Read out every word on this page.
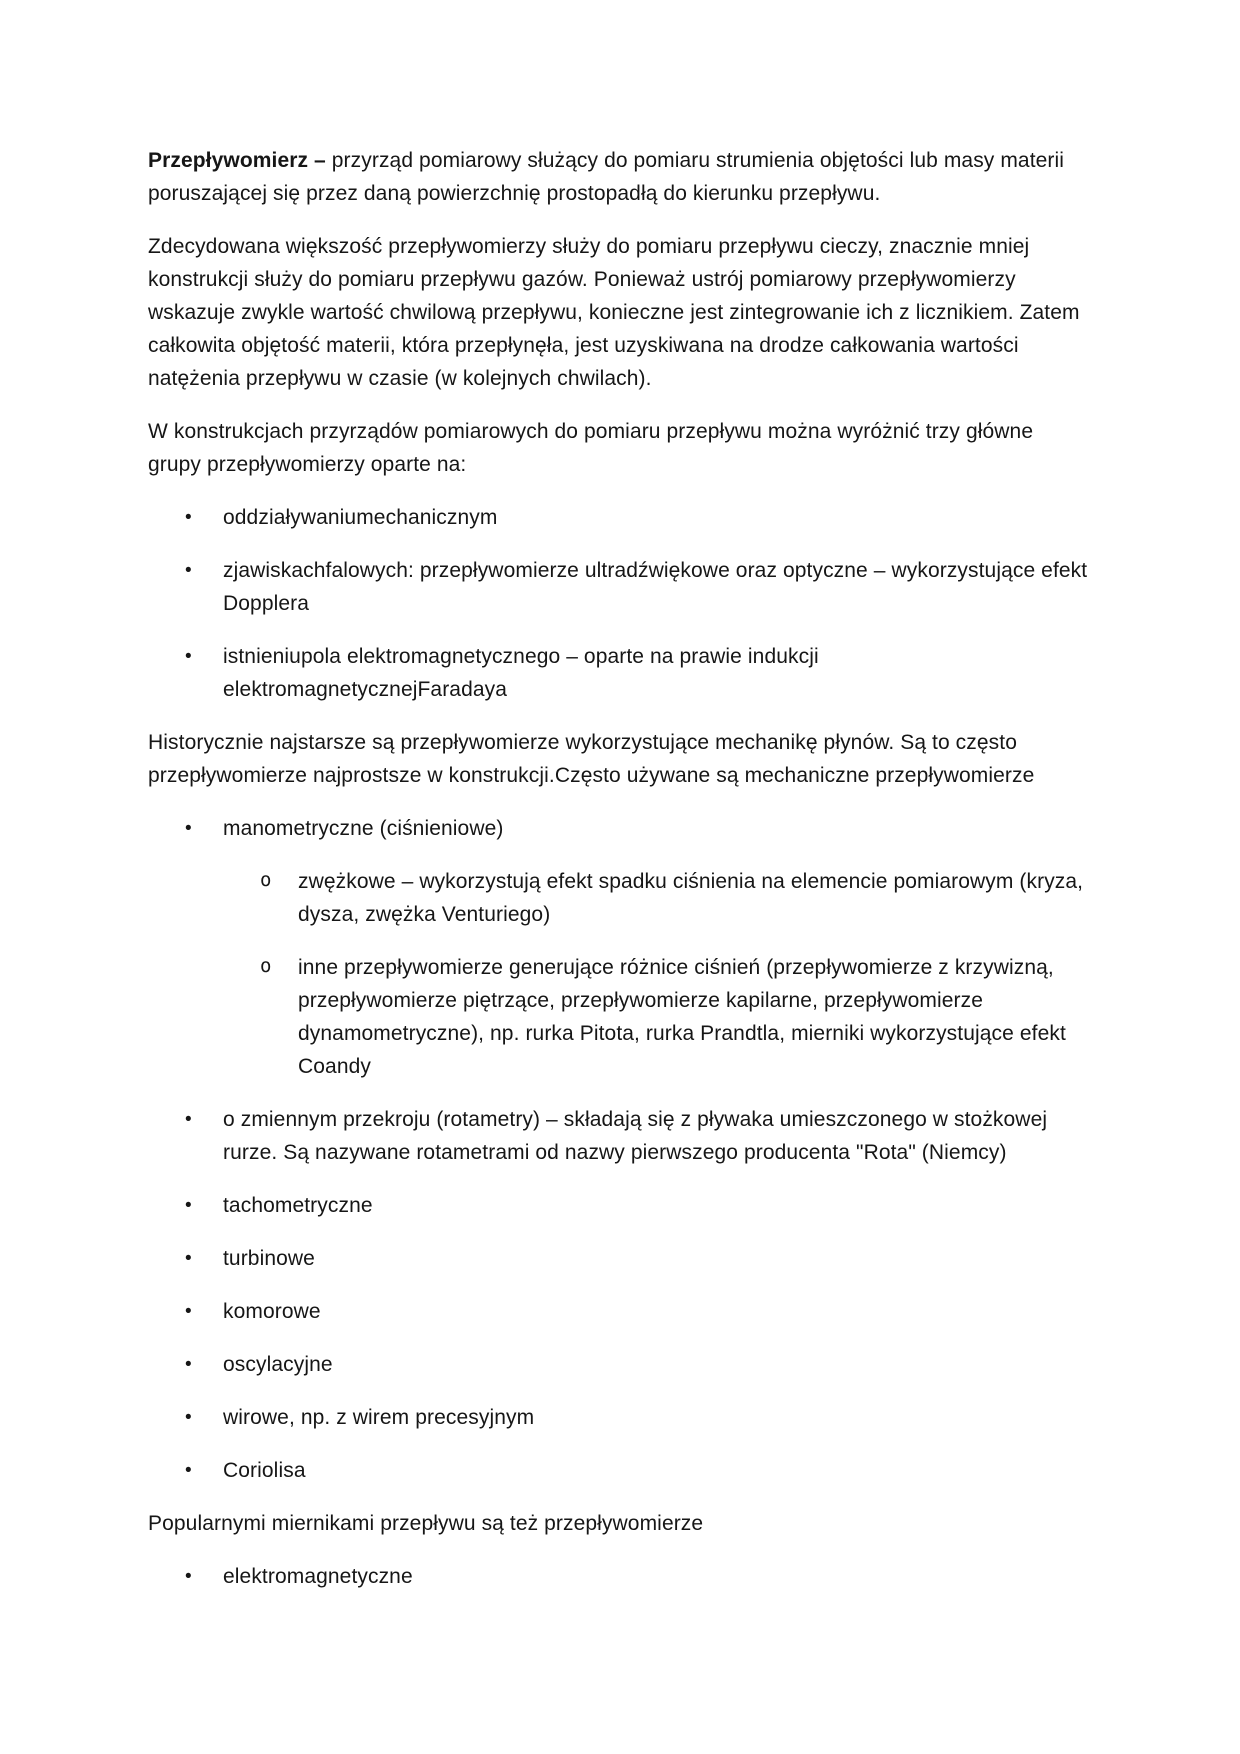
Przepływomierz – przyrząd pomiarowy służący do pomiaru strumienia objętości lub masy materii poruszającej się przez daną powierzchnię prostopadłą do kierunku przepływu.

Zdecydowana większość przepływomierzy służy do pomiaru przepływu cieczy, znacznie mniej konstrukcji służy do pomiaru przepływu gazów. Ponieważ ustrój pomiarowy przepływomierzy wskazuje zwykle wartość chwilową przepływu, konieczne jest zintegrowanie ich z licznikiem. Zatem całkowita objętość materii, która przepłynęła, jest uzyskiwana na drodze całkowania wartości natężenia przepływu w czasie (w kolejnych chwilach).

W konstrukcjach przyrządów pomiarowych do pomiaru przepływu można wyróżnić trzy główne grupy przepływomierzy oparte na:

• oddziaływaniumechanicznym
• zjawiskachfalowych: przepływomierze ultradźwiękowe oraz optyczne – wykorzystujące efekt Dopplera
• istnieniupola elektromagnetycznego – oparte na prawie indukcji elektromagnetycznejFaradaya

Historycznie najstarsze są przepływomierze wykorzystujące mechanikę płynów. Są to często przepływomierze najprostsze w konstrukcji.Często używane są mechaniczne przepływomierze

• manometryczne (ciśnieniowe)
o zwężkowe – wykorzystują efekt spadku ciśnienia na elemencie pomiarowym (kryza, dysza, zwężka Venturiego)
o inne przepływomierze generujące różnice ciśnień (przepływomierze z krzywizną, przepływomierze piętrzące, przepływomierze kapilarne, przepływomierze dynamometryczne), np. rurka Pitota, rurka Prandtla, mierniki wykorzystujące efekt Coandy
• o zmiennym przekroju (rotametry) – składają się z pływaka umieszczonego w stożkowej rurze. Są nazywane rotametrami od nazwy pierwszego producenta "Rota" (Niemcy)
• tachometryczne
• turbinowe
• komorowe
• oscylacyjne
• wirowe, np. z wirem precesyjnym
• Coriolisa

Popularnymi miernikami przepływu są też przepływomierze

• elektromagnetyczne
